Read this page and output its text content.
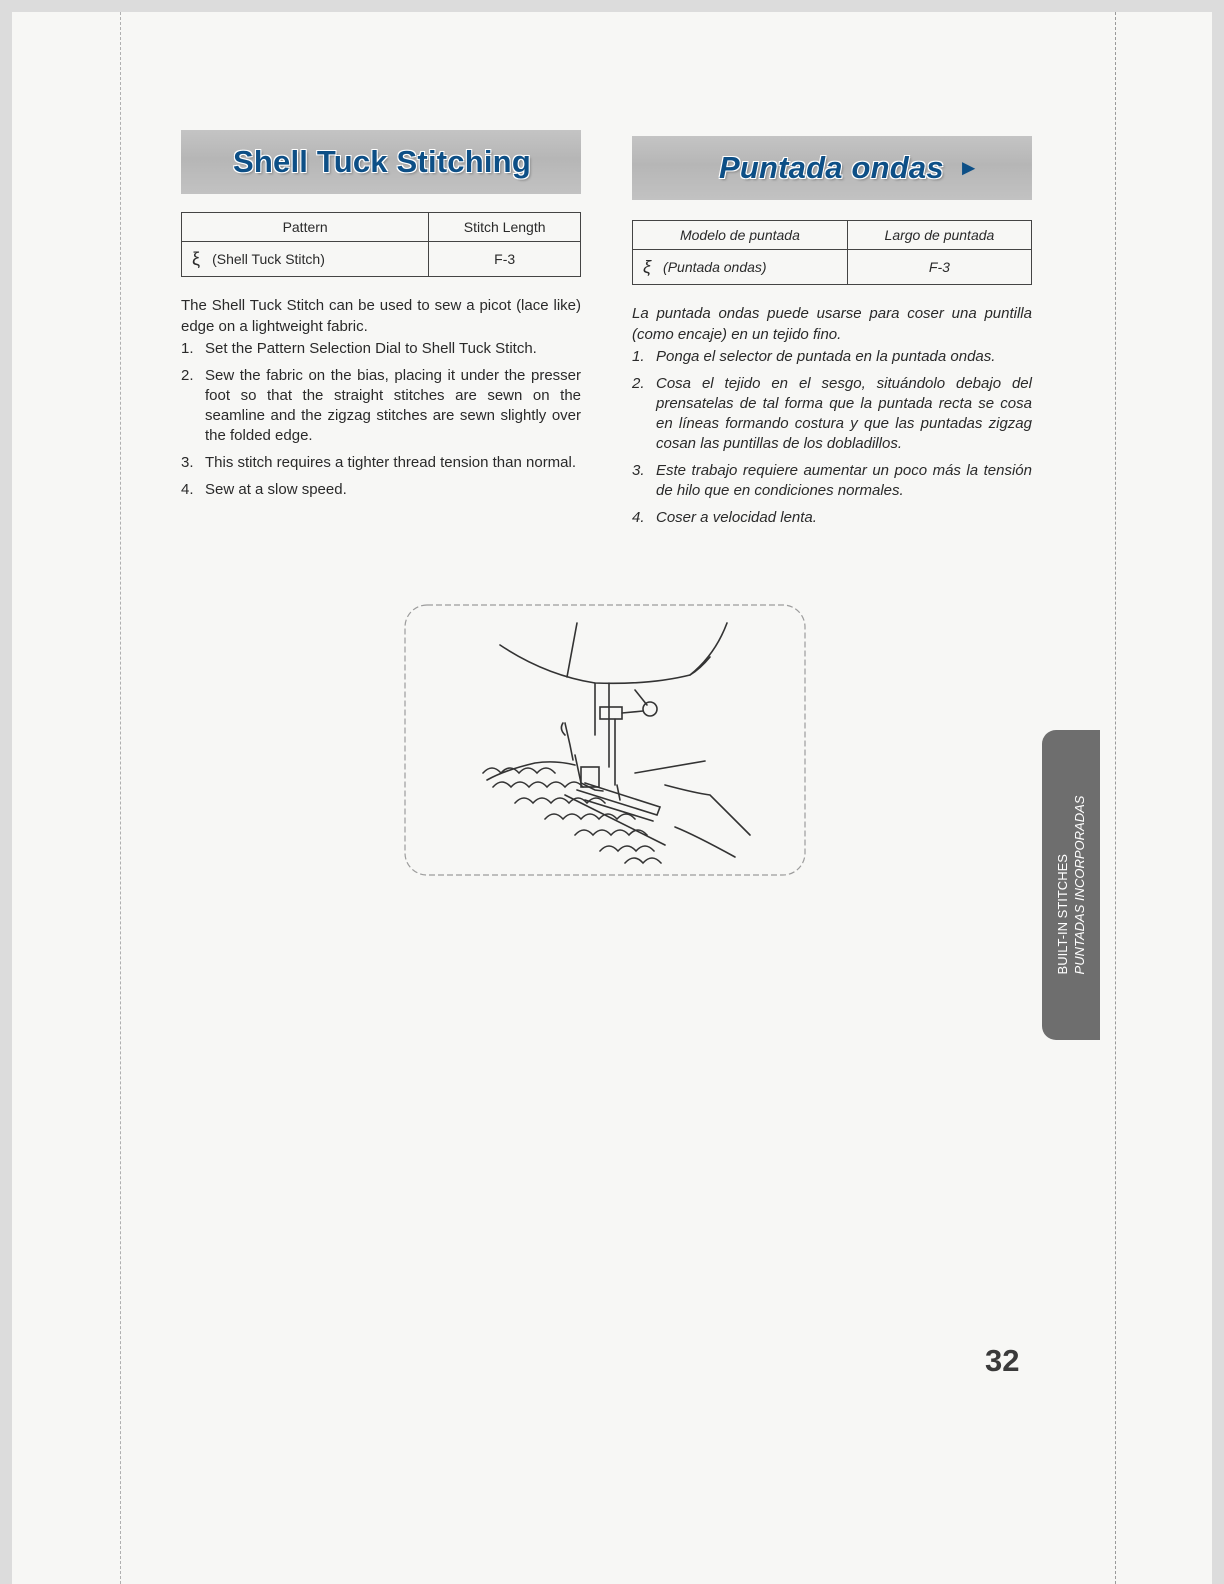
Shell Tuck Stitching
Pattern	Stitch Length
ξ (Shell Tuck Stitch)	F-3

The Shell Tuck Stitch can be used to sew a picot (lace like) edge on a lightweight fabric.

1. Set the Pattern Selection Dial to Shell Tuck Stitch.
2. Sew the fabric on the bias, placing it under the presser foot so that the straight stitches are sewn on the seamline and the zigzag stitches are sewn slightly over the folded edge.
3. This stitch requires a tighter thread tension than normal.
4. Sew at a slow speed.
Puntada ondas ►
Modelo de puntada	Largo de puntada
ξ (Puntada ondas)	F-3

La puntada ondas puede usarse para coser una puntilla (como encaje) en un tejido fino.

1. Ponga el selector de puntada en la puntada ondas.
2. Cosa el tejido en el sesgo, situándolo debajo del prensatelas de tal forma que la puntada recta se cosa en líneas formando costura y que las puntadas zigzag cosan las puntillas de los dobladillos.
3. Este trabajo requiere aumentar un poco más la tensión de hilo que en condiciones normales.
4. Coser a velocidad lenta.
BUILT-IN STITCHES PUNTADAS INCORPORADAS
32
